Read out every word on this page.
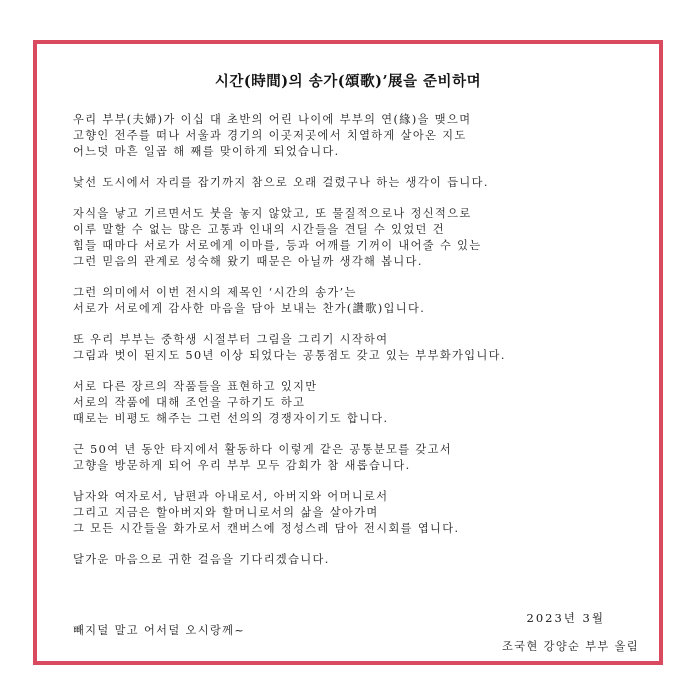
시간(時間)의 송가(頌歌)’展을 준비하며

우리 부부(夫婦)가 이십 대 초반의 어린 나이에 부부의 연(緣)을 맺으며
고향인 전주를 떠나 서울과 경기의 이곳저곳에서 치열하게 살아온 지도
어느덧 마흔 일곱 해 째를 맞이하게 되었습니다.

낯선 도시에서 자리를 잡기까지 참으로 오래 걸렸구나 하는 생각이 듭니다.

자식을 낳고 기르면서도 붓을 놓지 않았고, 또 물질적으로나 정신적으로
이루 말할 수 없는 많은 고통과 인내의 시간들을 견딜 수 있었던 건
힘들 때마다 서로가 서로에게 이마를, 등과 어깨를 기꺼이 내어줄 수 있는
그런 믿음의 관계로 성숙해 왔기 때문은 아닐까 생각해 봅니다.

그런 의미에서 이번 전시의 제목인 ‘시간의 송가’는
서로가 서로에게 감사한 마음을 담아 보내는 찬가(讚歌)입니다.

또 우리 부부는 중학생 시절부터 그림을 그리기 시작하여
그림과 벗이 된지도 50년 이상 되었다는 공통점도 갖고 있는 부부화가입니다.

서로 다른 장르의 작품들을 표현하고 있지만
서로의 작품에 대해 조언을 구하기도 하고
때로는 비평도 해주는 그런 선의의 경쟁자이기도 합니다.

근 50여 년 동안 타지에서 활동하다 이렇게 같은 공통분모를 갖고서
고향을 방문하게 되어 우리 부부 모두 감회가 참 새롭습니다.

남자와 여자로서, 남편과 아내로서, 아버지와 어머니로서
그리고 지금은 할아버지와 할머니로서의 삶을 살아가며
그 모든 시간들을 화가로서 캔버스에 정성스레 담아 전시회를 엽니다.

달가운 마음으로 귀한 걸음을 기다리겠습니다.

2023년 3월
빼지덜 말고 어서덜 오시랑께~
조국현 강양순 부부 올림
